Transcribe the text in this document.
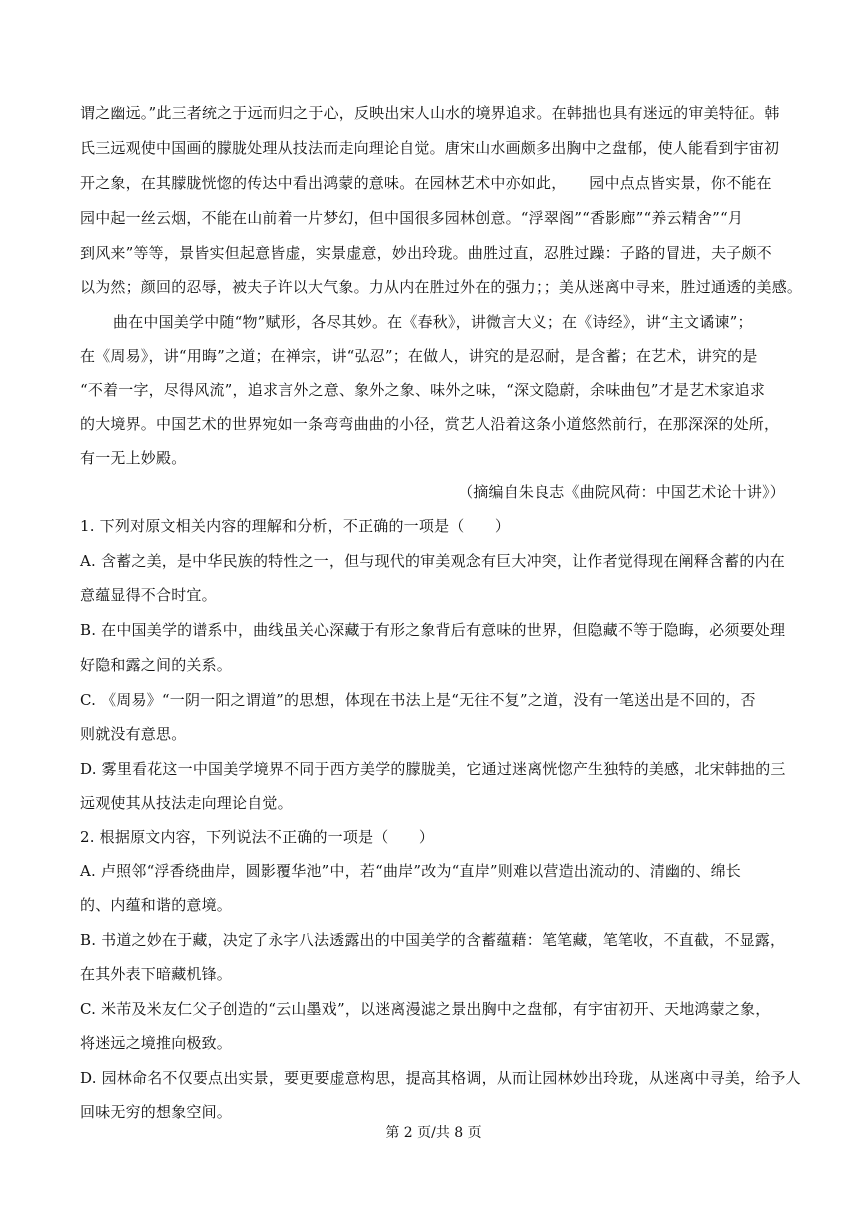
谓之幽远。”此三者统之于远而归之于心，反映出宋人山水的境界追求。在韩拙也具有迷远的审美特征。韩
氏三远观使中国画的朦胧处理从技法而走向理论自觉。唐宋山水画颇多出胸中之盘郁，使人能看到宇宙初
开之象，在其朦胧恍惚的传达中看出鸿蒙的意味。在园林艺术中亦如此，　　园中点点皆实景，你不能在
园中起一丝云烟，不能在山前着一片梦幻，但中国很多园林创意。“浮翠阁”“香影廊”“养云精舍”“月
到风来”等等，景皆实但起意皆虚，实景虚意，妙出玲珑。曲胜过直，忍胜过躁：子路的冒进，夫子颇不
以为然；颜回的忍辱，被夫子许以大气象。力从内在胜过外在的强力；；美从迷离中寻来，胜过通透的美感。
曲在中国美学中随“物”赋形，各尽其妙。在《春秋》，讲微言大义；在《诗经》，讲“主文谲谏”；
在《周易》，讲“用晦”之道；在禅宗，讲“弘忍”；在做人，讲究的是忍耐，是含蓄；在艺术，讲究的是
“不着一字，尽得风流”，追求言外之意、象外之象、味外之味，“深文隐蔚，余味曲包”才是艺术家追求
的大境界。中国艺术的世界宛如一条弯弯曲曲的小径，赏艺人沿着这条小道悠然前行，在那深深的处所，
有一无上妙殿。
（摘编自朱良志《曲院风荷：中国艺术论十讲》）
1. 下列对原文相关内容的理解和分析，不正确的一项是（　　）
A. 含蓄之美，是中华民族的特性之一，但与现代的审美观念有巨大冲突，让作者觉得现在阐释含蓄的内在
意蕴显得不合时宜。
B. 在中国美学的谱系中，曲线虽关心深藏于有形之象背后有意味的世界，但隐藏不等于隐晦，必须要处理
好隐和露之间的关系。
C. 《周易》“一阴一阳之谓道”的思想，体现在书法上是“无往不复”之道，没有一笔送出是不回的，否
则就没有意思。
D. 雾里看花这一中国美学境界不同于西方美学的朦胧美，它通过迷离恍惚产生独特的美感，北宋韩拙的三
远观使其从技法走向理论自觉。
2. 根据原文内容，下列说法不正确的一项是（　　）
A. 卢照邻“浮香绕曲岸，圆影覆华池”中，若“曲岸”改为“直岸”则难以营造出流动的、清幽的、绵长
的、内蕴和谐的意境。
B. 书道之妙在于藏，决定了永字八法透露出的中国美学的含蓄蕴藉：笔笔藏，笔笔收，不直截，不显露，
在其外表下暗藏机锋。
C. 米芾及米友仁父子创造的“云山墨戏”，以迷离漫滤之景出胸中之盘郁，有宇宙初开、天地鸿蒙之象，
将迷远之境推向极致。
D. 园林命名不仅要点出实景，要更要虚意构思，提高其格调，从而让园林妙出玲珑，从迷离中寻美，给予人
回味无穷的想象空间。
第 2 页/共 8 页
